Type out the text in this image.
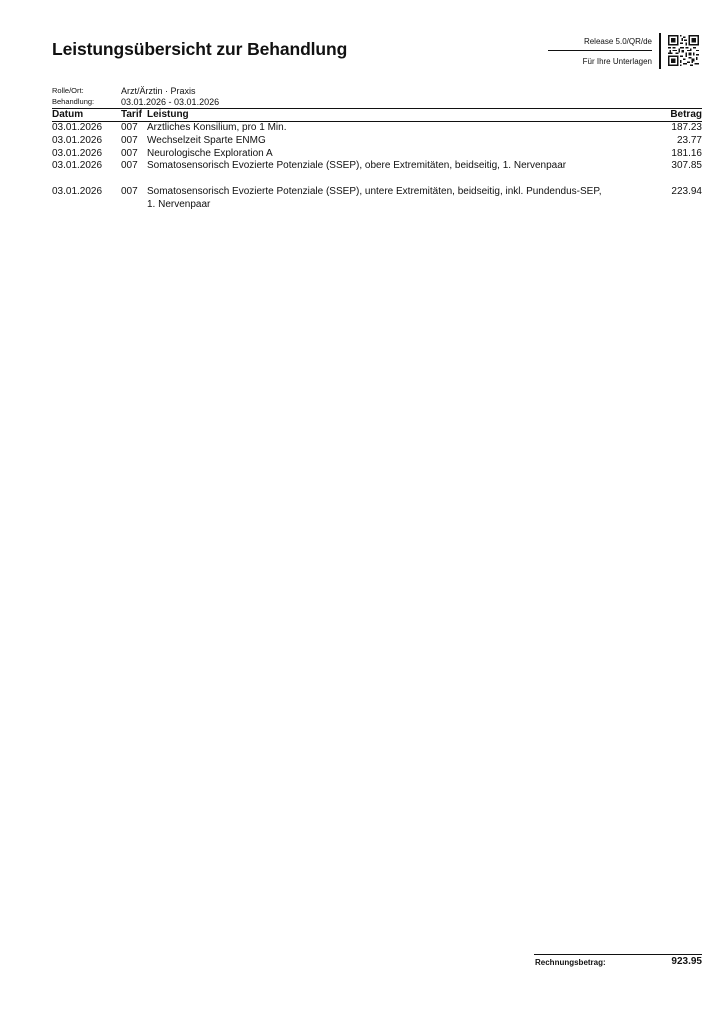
Leistungsübersicht zur Behandlung	Release 5.0/QR/de
Für Ihre Unterlagen
Rolle/Ort:	Arzt/Ärztin · Praxis
Behandlung:	03.01.2026 - 03.01.2026
Datum	Tarif Leistung	Betrag
03.01.2026 007 Arztliches Konsilium, pro 1 Min.	187.23
03.01.2026 007 Wechselzeit Sparte ENMG	23.77
03.01.2026 007 Neurologische Exploration A	181.16
03.01.2026 007 Somatosensorisch Evozierte Potenziale (SSEP), obere Extremitäten, beidseitig, 1. Nervenpaar	307.85
03.01.2026 007 Somatosensorisch Evozierte Potenziale (SSEP), untere Extremitäten, beidseitig, inkl. Pundendus-SEP, 1. Nervenpaar
223.94
Rechnungsbetrag:	923.95
